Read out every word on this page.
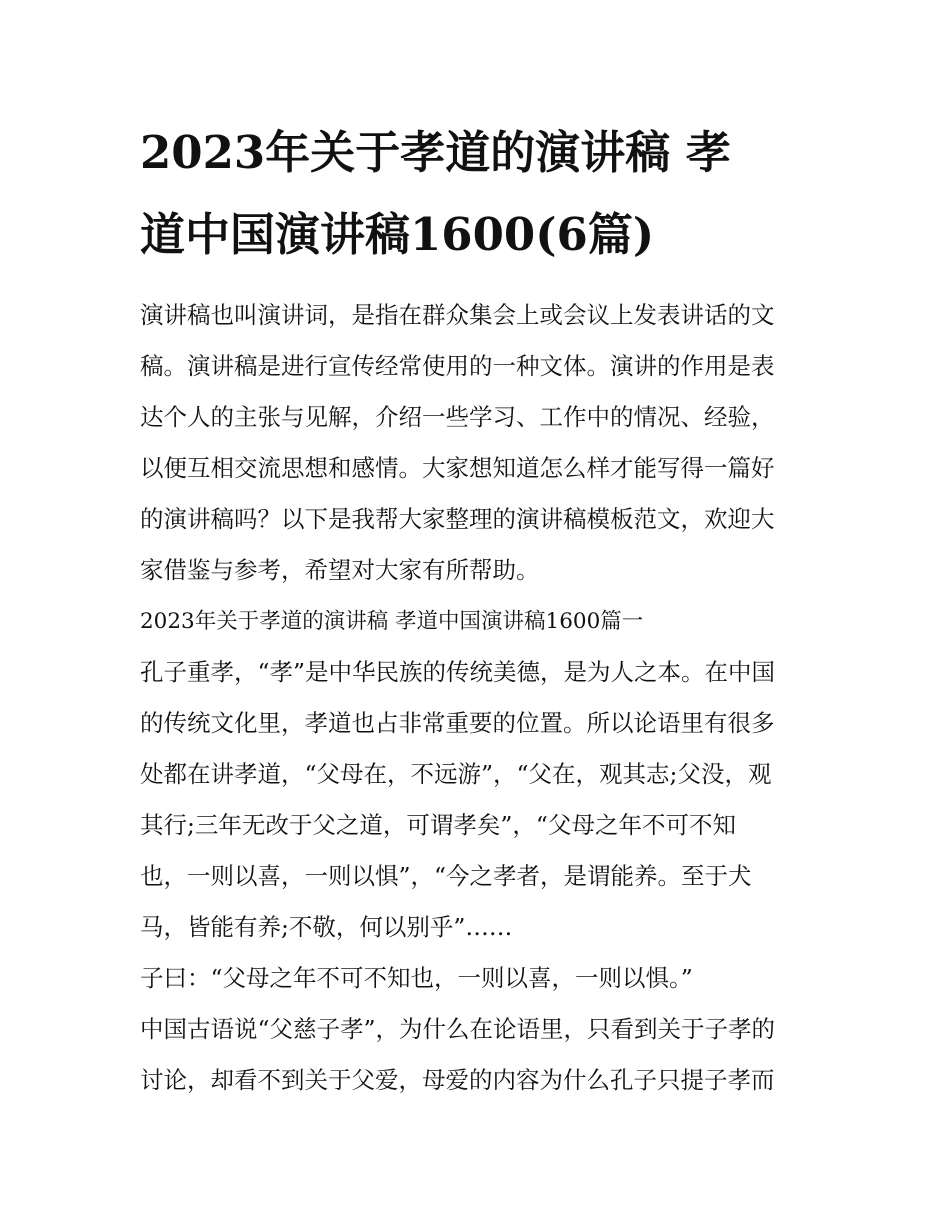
2023年关于孝道的演讲稿 孝
道中国演讲稿1600(6篇)
演讲稿也叫演讲词，是指在群众集会上或会议上发表讲话的文
稿。演讲稿是进行宣传经常使用的一种文体。演讲的作用是表
达个人的主张与见解，介绍一些学习、工作中的情况、经验，
以便互相交流思想和感情。大家想知道怎么样才能写得一篇好
的演讲稿吗？以下是我帮大家整理的演讲稿模板范文，欢迎大
家借鉴与参考，希望对大家有所帮助。
2023年关于孝道的演讲稿 孝道中国演讲稿1600篇一
孔子重孝，“孝”是中华民族的传统美德，是为人之本。在中国
的传统文化里，孝道也占非常重要的位置。所以论语里有很多
处都在讲孝道，“父母在，不远游”，“父在，观其志;父没，观
其行;三年无改于父之道，可谓孝矣”，“父母之年不可不知
也，一则以喜，一则以惧”，“今之孝者，是谓能养。至于犬
马，皆能有养;不敬，何以别乎”……
子曰：“父母之年不可不知也，一则以喜，一则以惧。”
中国古语说“父慈子孝”，为什么在论语里，只看到关于子孝的
讨论，却看不到关于父爱，母爱的内容为什么孔子只提子孝而
